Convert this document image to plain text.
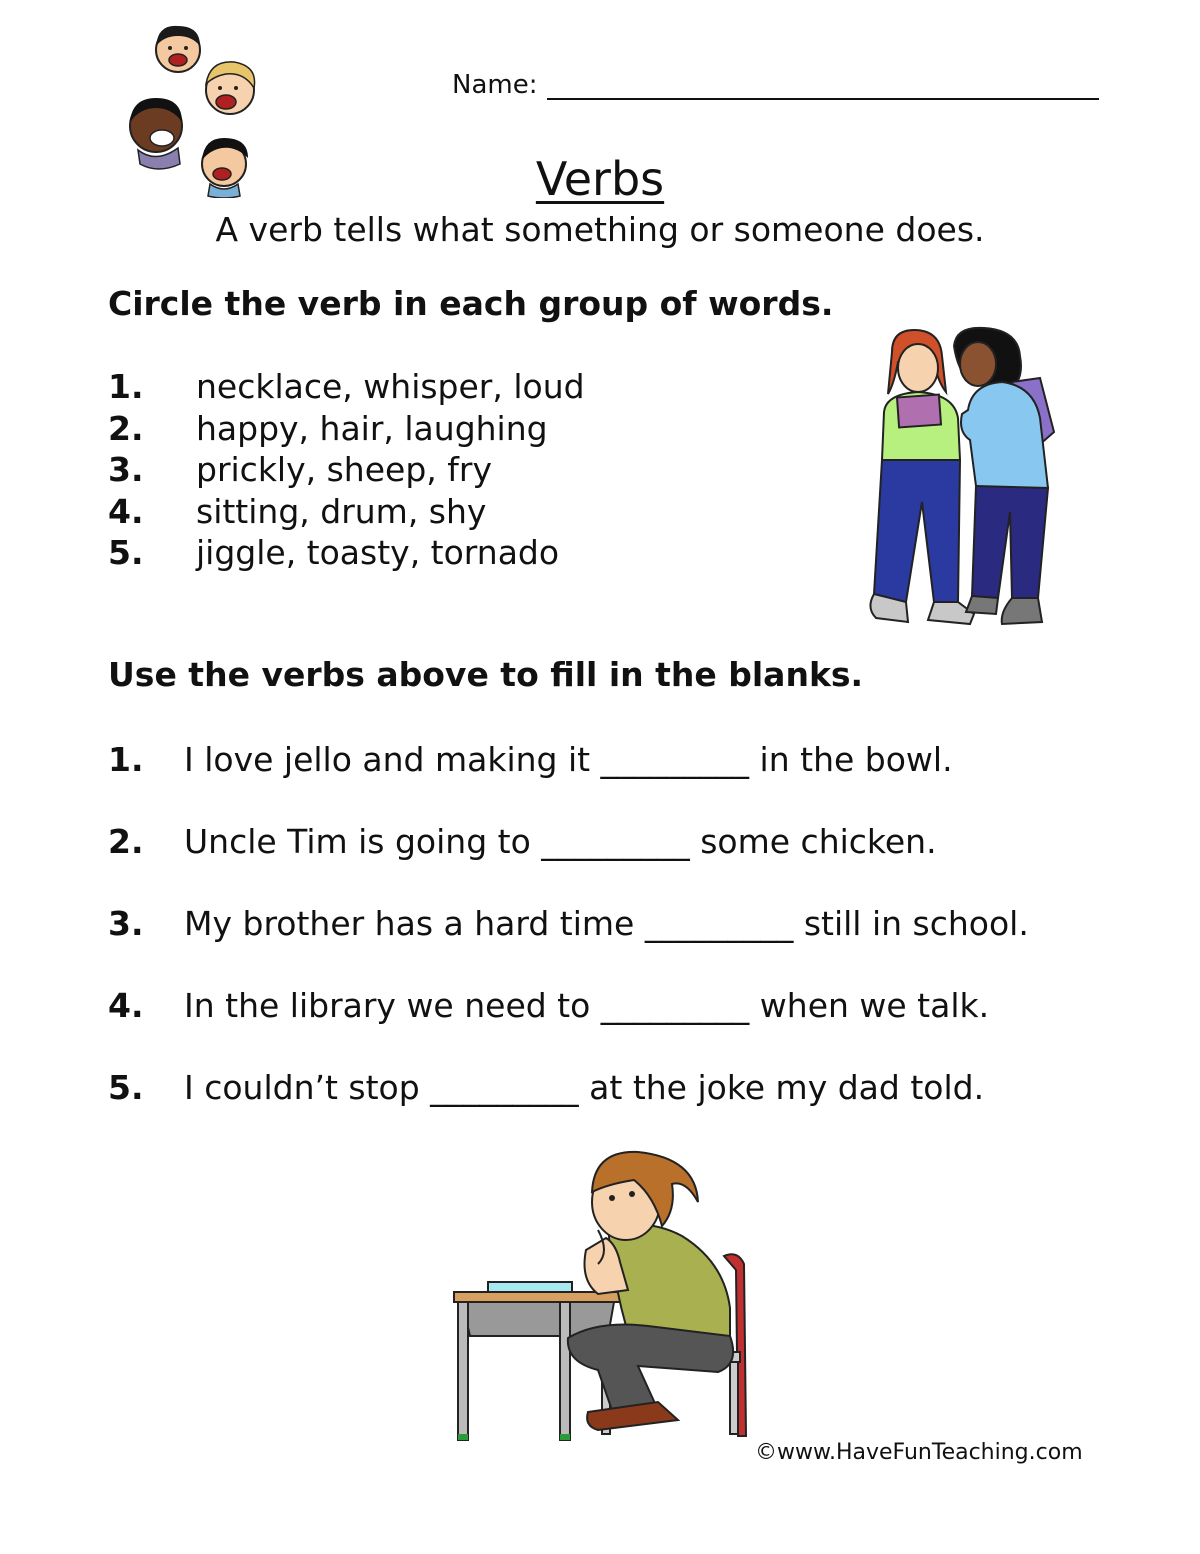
Name:
Verbs
A verb tells what something or someone does.
Circle the verb in each group of words.
1. necklace, whisper, loud
2. happy, hair, laughing
3. prickly, sheep, fry
4. sitting, drum, shy
5. jiggle, toasty, tornado
Use the verbs above to fill in the blanks.
1. I love jello and making it _________ in the bowl.
2. Uncle Tim is going to _________ some chicken.
3. My brother has a hard time _________ still in school.
4. In the library we need to _________ when we talk.
5. I couldn’t stop _________ at the joke my dad told.
©www.HaveFunTeaching.com
